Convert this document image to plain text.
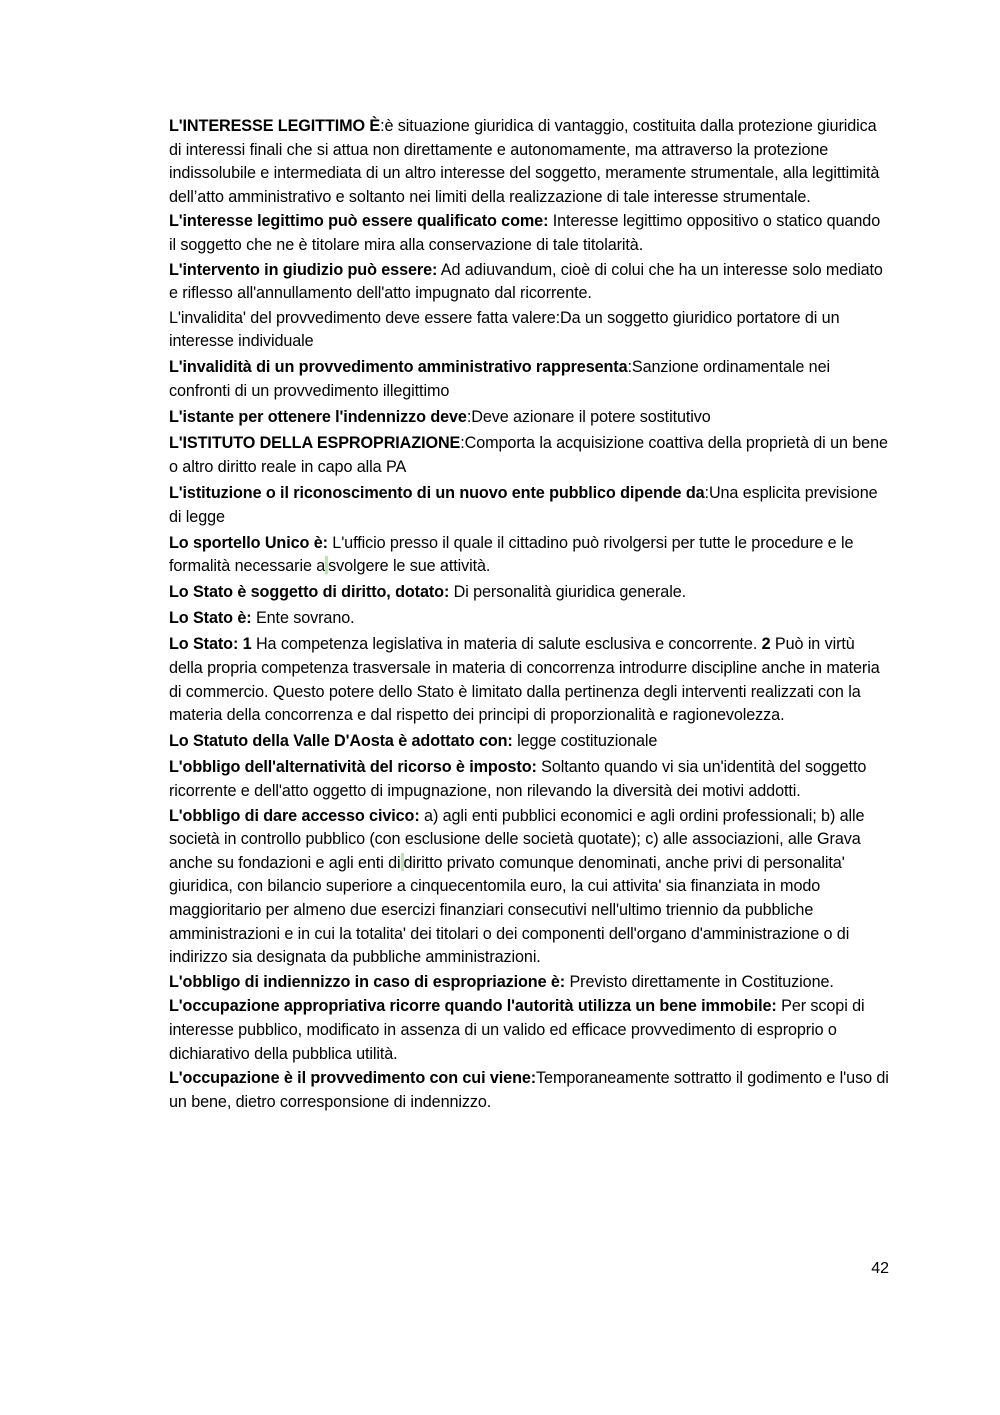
L'INTERESSE LEGITTIMO È:è situazione giuridica di vantaggio, costituita dalla protezione giuridica di interessi finali che si attua non direttamente e autonomamente, ma attraverso la protezione indissolubile e intermediata di un altro interesse del soggetto, meramente strumentale, alla legittimità dell’atto amministrativo e soltanto nei limiti della realizzazione di tale interesse strumentale.

L'interesse legittimo può essere qualificato come: Interesse legittimo oppositivo o statico quando il soggetto che ne è titolare mira alla conservazione di tale titolarità.

L'intervento in giudizio può essere: Ad adiuvandum, cioè di colui che ha un interesse solo mediato e riflesso all'annullamento dell'atto impugnato dal ricorrente.

L'invalidita' del provvedimento deve essere fatta valere:Da un soggetto giuridico portatore di un interesse individuale

L'invalidità di un provvedimento amministrativo rappresenta:Sanzione ordinamentale nei confronti di un provvedimento illegittimo

L'istante per ottenere l'indennizzo deve:Deve azionare il potere sostitutivo

L'ISTITUTO DELLA ESPROPRIAZIONE:Comporta la acquisizione coattiva della proprietà di un bene o altro diritto reale in capo alla PA

L'istituzione o il riconoscimento di un nuovo ente pubblico dipende da:Una esplicita previsione di legge

Lo sportello Unico è: L'ufficio presso il quale il cittadino può rivolgersi per tutte le procedure e le formalità necessarie a svolgere le sue attività.

Lo Stato è soggetto di diritto, dotato: Di personalità giuridica generale.

Lo Stato è: Ente sovrano.

Lo Stato: 1 Ha competenza legislativa in materia di salute esclusiva e concorrente. 2 Può in virtù della propria competenza trasversale in materia di concorrenza introdurre discipline anche in materia di commercio. Questo potere dello Stato è limitato dalla pertinenza degli interventi realizzati con la materia della concorrenza e dal rispetto dei principi di proporzionalità e ragionevolezza.

Lo Statuto della Valle D'Aosta è adottato con: legge costituzionale

L'obbligo dell'alternatività del ricorso è imposto: Soltanto quando vi sia un'identità del soggetto ricorrente e dell'atto oggetto di impugnazione, non rilevando la diversità dei motivi addotti.

L'obbligo di dare accesso civico: a) agli enti pubblici economici e agli ordini professionali; b) alle società in controllo pubblico (con esclusione delle società quotate); c) alle associazioni, alle Grava anche su fondazioni e agli enti di diritto privato comunque denominati, anche privi di personalita' giuridica, con bilancio superiore a cinquecentomila euro, la cui attivita' sia finanziata in modo maggioritario per almeno due esercizi finanziari consecutivi nell'ultimo triennio da pubbliche amministrazioni e in cui la totalita' dei titolari o dei componenti dell'organo d'amministrazione o di indirizzo sia designata da pubbliche amministrazioni.

L'obbligo di indiennizzo in caso di espropriazione è: Previsto direttamente in Costituzione.

L'occupazione appropriativa ricorre quando l'autorità utilizza un bene immobile: Per scopi di interesse pubblico, modificato in assenza di un valido ed efficace provvedimento di esproprio o dichiarativo della pubblica utilità.

L'occupazione è il provvedimento con cui viene:Temporaneamente sottratto il godimento e l'uso di un bene, dietro corresponsione di indennizzo.

42
